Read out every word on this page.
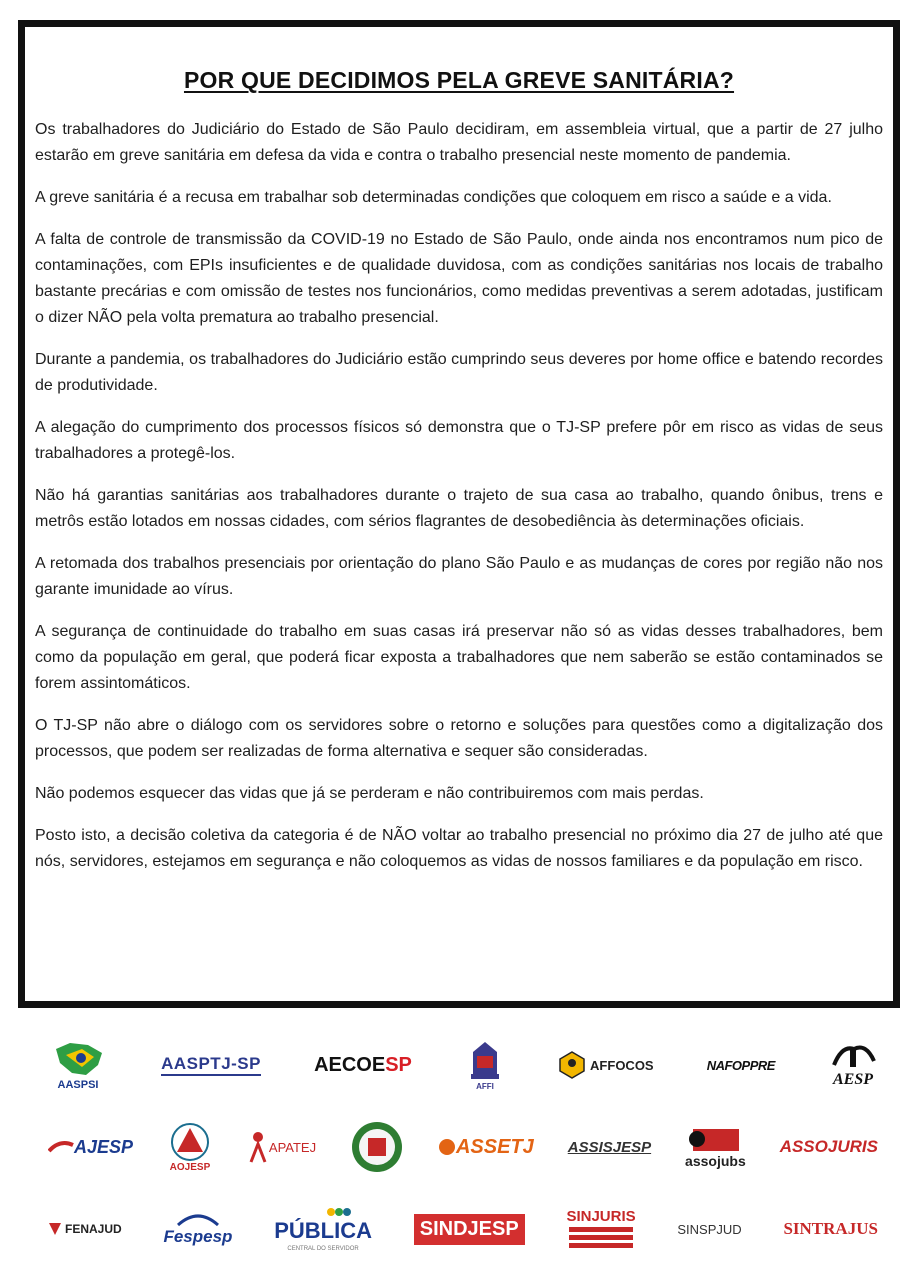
POR QUE DECIDIMOS PELA GREVE SANITÁRIA?

Os trabalhadores do Judiciário do Estado de São Paulo decidiram, em assembleia virtual, que a partir de 27 julho estarão em greve sanitária em defesa da vida e contra o trabalho presencial neste momento de pandemia.

A greve sanitária é a recusa em trabalhar sob determinadas condições que coloquem em risco a saúde e a vida.

A falta de controle de transmissão da COVID-19 no Estado de São Paulo, onde ainda nos encontramos num pico de contaminações, com EPIs insuficientes e de qualidade duvidosa, com as condições sanitárias nos locais de trabalho bastante precárias e com omissão de testes nos funcionários, como medidas preventivas a serem adotadas, justificam o dizer NÃO pela volta prematura ao trabalho presencial.

Durante a pandemia, os trabalhadores do Judiciário estão cumprindo seus deveres por home office e batendo recordes de produtividade.

A alegação do cumprimento dos processos físicos só demonstra que o TJ-SP prefere pôr em risco as vidas de seus trabalhadores a protegê-los.

Não há garantias sanitárias aos trabalhadores durante o trajeto de sua casa ao trabalho, quando ônibus, trens e metrôs estão lotados em nossas cidades, com sérios flagrantes de desobediência às determinações oficiais.

A retomada dos trabalhos presenciais por orientação do plano São Paulo e as mudanças de cores por região não nos garante imunidade ao vírus.

A segurança de continuidade do trabalho em suas casas irá preservar não só as vidas desses trabalhadores, bem como da população em geral, que poderá ficar exposta a trabalhadores que nem saberão se estão contaminados se forem assintomáticos.

O TJ-SP não abre o diálogo com os servidores sobre o retorno e soluções para questões como a digitalização dos processos, que podem ser realizadas de forma alternativa e sequer são consideradas.

Não podemos esquecer das vidas que já se perderam e não contribuiremos com mais perdas.

Posto isto, a decisão coletiva da categoria é de NÃO voltar ao trabalho presencial no próximo dia 27 de julho até que nós, servidores, estejamos em segurança e não coloquemos as vidas de nossos familiares e da população em risco.

AASPSI
AASPTJ-SP	AECOE SP
AFFI
AFFOCOS	NAFOPPRE
AESP
AJESP
AOJESP
APATEJ	ASSETJ ASSISJESP
assojubs
ASSOJURIS
FENAJUD Fespesp PÚBLICA
CENTRAL DO SERVIDOR
SINDJESP
SINJURIS
SINSPJUD SINTRAJUS
